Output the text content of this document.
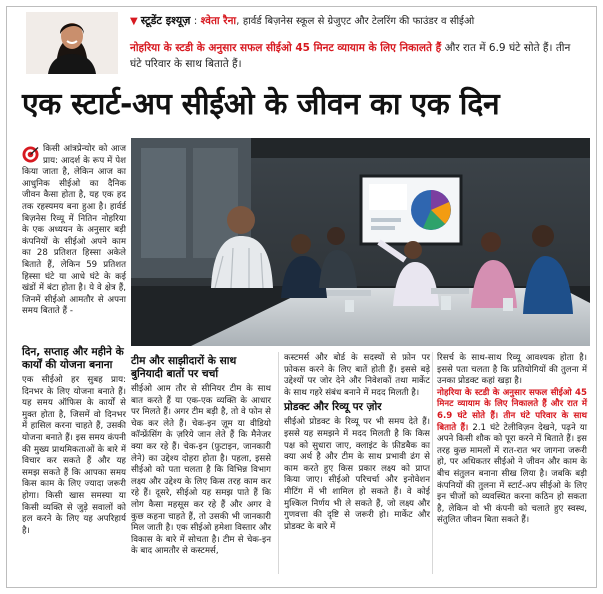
▼ स्टूडेंट इश्यूज़ : श्वेता रैना, हार्वर्ड बिज़नेस स्कूल से ग्रेजुएट और टेलरिंग की फाउंडर व सीईओ
नोहरिया के स्टडी के अनुसार सफल सीईओ 45 मिनट व्यायाम के लिए निकालते हैं और रात में 6.9 घंटे सोते हैं। तीन घंटे परिवार के साथ बिताते हैं।
एक स्टार्ट-अप सीईओ के जीवन का एक दिन

किसी आंत्रप्रेन्योर को आज प्राय: आदर्श के रूप में पेश किया जाता है, लेकिन आज का आधुनिक सीईओ का दैनिक जीवन कैसा होता है, यह एक हद तक रहस्यमय बना हुआ है। हार्वर्ड बिज़नेस रिव्यू में नितिन नोहरिया के एक अध्ययन के अनुसार बड़ी कंपनियों के सीईओ अपने काम का 28 प्रतिशत हिस्सा अकेले बिताते हैं, लेकिन 59 प्रतिशत हिस्सा घंटे या आधे घंटे के कई खंडों में बंटा होता है। ये वे क्षेत्र हैं, जिनमें सीईओ आमतौर से अपना समय बिताते हैं -

दिन, सप्ताह और महीने के कार्यों की योजना बनाना

एक सीईओ हर सुबह प्राय: दिनभर के लिए योजना बनाते हैं। यह समय ऑफिस के कार्यों से मुक्त होता है, जिसमें वो दिनभर में हासिल करना चाहते हैं, उसकी योजना बनाते हैं। इस समय कंपनी की मुख्य प्राथमिकताओं के बारे में विचार कर सकते हैं और यह समझ सकते हैं कि आपका समय किस काम के लिए ज्यादा जरूरी होगा। किसी खास समस्या या किसी व्यक्ति से जुड़े सवालों को हल करने के लिए यह अपरिहार्य है।

टीम और साझीदारों के साथ बुनियादी बातों पर चर्चा

सीईओ आम तौर से सीनियर टीम के साथ बात करते हैं या एक-एक व्यक्ति के आधार पर मिलते हैं। अगर टीम बड़ी है, तो वे फोन से चेक कर लेते हैं। चेक-इन ज़ूम या वीडियो कॉन्फ्रेंसिंग के ज़रिये जान लेते हैं कि मैनेजर क्या कर रहे हैं। चेक-इन (फ़ुटाइन, जानकारी लेने) का उद्देश्य दोहरा होता है। पहला, इससे सीईओ को पता चलता है कि विभिन्न विभाग लक्ष्य और उद्देश्य के लिए किस तरह काम कर रहे हैं। दूसरे, सीईओ यह समझ पाते हैं कि लोग कैसा महसूस कर रहे हैं और अगर वे कुछ कहना चाहते हैं, तो उसकी भी जानकारी मिल जाती है। एक सीईओ हमेशा विस्तार और विकास के बारे में सोचता है। टीम से चेक-इन के बाद आमतौर से कस्टमर्स,

कस्टमर्स और बोर्ड के सदस्यों से फ़ोन पर फ़ोकस करने के लिए बातें होती हैं। इससे बड़े उद्देश्यों पर जोर देने और निवेशकों तथा मार्केट के साथ गहरे संबंध बनाने में मदद मिलती है।

प्रोडक्ट और रिव्यू पर ज़ोर

सीईओ प्रोडक्ट के रिव्यू पर भी समय देते हैं। इससे यह समझने में मदद मिलती है कि किस पक्ष को सुधारा जाए, क्लाइंट के फ़ीडबैक का क्या अर्थ है और टीम के साथ प्रभावी ढंग से काम करते हुए किस प्रकार लक्ष्य को प्राप्त किया जाए। सीईओ परिचर्चा और इनोवेशन मीटिंग में भी शामिल हो सकते हैं। वे कोई मुश्किल निर्णय भी ले सकते हैं, जो लक्ष्य और गुणवत्ता की दृष्टि से जरूरी हो। मार्केट और प्रोडक्ट के बारे में

रिसर्च के साथ-साथ रिव्यू आवश्यक होता है। इससे पता चलता है कि प्रतियोगियों की तुलना में उनका प्रोडक्ट कहां खड़ा है।

नोहरिया के स्टडी के अनुसार सफल सीईओ 45 मिनट व्यायाम के लिए निकालते हैं और रात में 6.9 घंटे सोते हैं। तीन घंटे परिवार के साथ बिताते हैं। 2.1 घंटे टेलीविज़न देखने, पढ़ने या अपने किसी शौक को पूरा करने में बिताते हैं। इस तरह कुछ मामलों में रात-रात भर जागना जरूरी हो, पर अधिकतर सीईओ ने जीवन और काम के बीच संतुलन बनाना सीख लिया है। जबकि बड़ी कंपनियों की तुलना में स्टार्ट-अप सीईओ के लिए इन चीजों को व्यवस्थित करना कठिन हो सकता है, लेकिन वो भी कंपनी को चलाते हुए स्वस्थ, संतुलित जीवन बिता सकते हैं।
